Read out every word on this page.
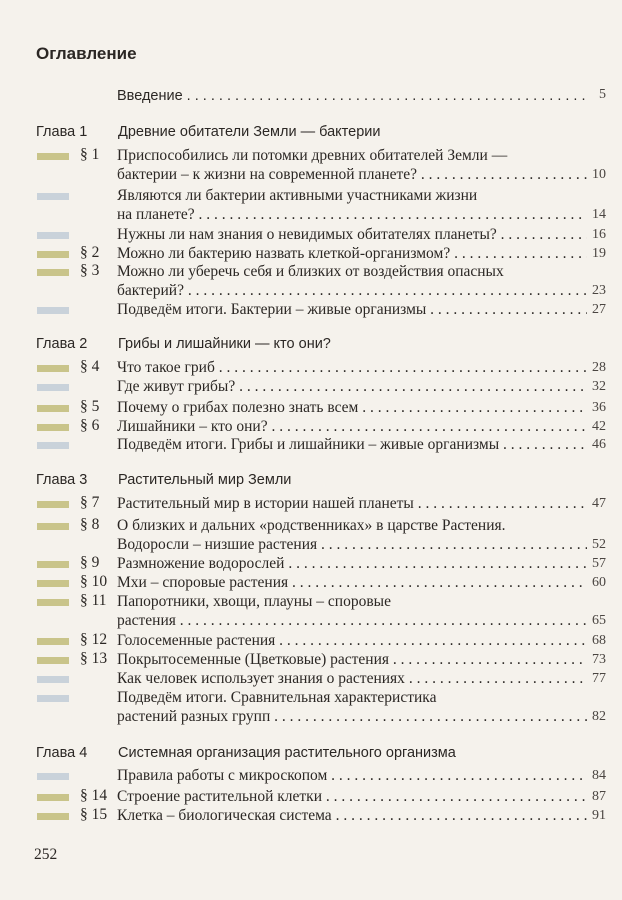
Оглавление
Введение . . .	5
Глава 1 Древние обитатели Земли — бактерии
§ 1 Приспособились ли потомки древних обитателей Земли —
бактерии – к жизни на современной планете? . . .	10
Являются ли бактерии активными участниками жизни
на планете? . . .	14
Нужны ли нам знания о невидимых обитателях планеты? . . .	16
§ 2 Можно ли бактерию назвать клеткой-организмом? . . .	19
§ 3 Можно ли уберечь себя и близких от воздействия опасных
бактерий? . . .	23
Подведём итоги. Бактерии – живые организмы . . .	27
Глава 2 Грибы и лишайники — кто они?
§ 4 Что такое гриб . . .	28
Где живут грибы? . . .	32
§ 5 Почему о грибах полезно знать всем . . .	36
§ 6 Лишайники – кто они? . . .	42
Подведём итоги. Грибы и лишайники – живые организмы . . .	46
Глава 3 Растительный мир Земли
§ 7 Растительный мир в истории нашей планеты . . .	47
§ 8 О близких и дальних «родственниках» в царстве Растения.
Водоросли – низшие растения . . .	52
§ 9 Размножение водорослей . . .	57
§ 10 Мхи – споровые растения . . .	60
§ 11 Папоротники, хвощи, плауны – споровые
растения . . .	65
§ 12 Голосеменные растения . . .	68
§ 13 Покрытосеменные (Цветковые) растения . . .	73
Как человек использует знания о растениях . . .	77
Подведём итоги. Сравнительная характеристика
растений разных групп . . .	82
Глава 4 Системная организация растительного организма
Правила работы с микроскопом . . .	84
§ 14 Строение растительной клетки . . .	87
§ 15 Клетка – биологическая система . . .	91
252
